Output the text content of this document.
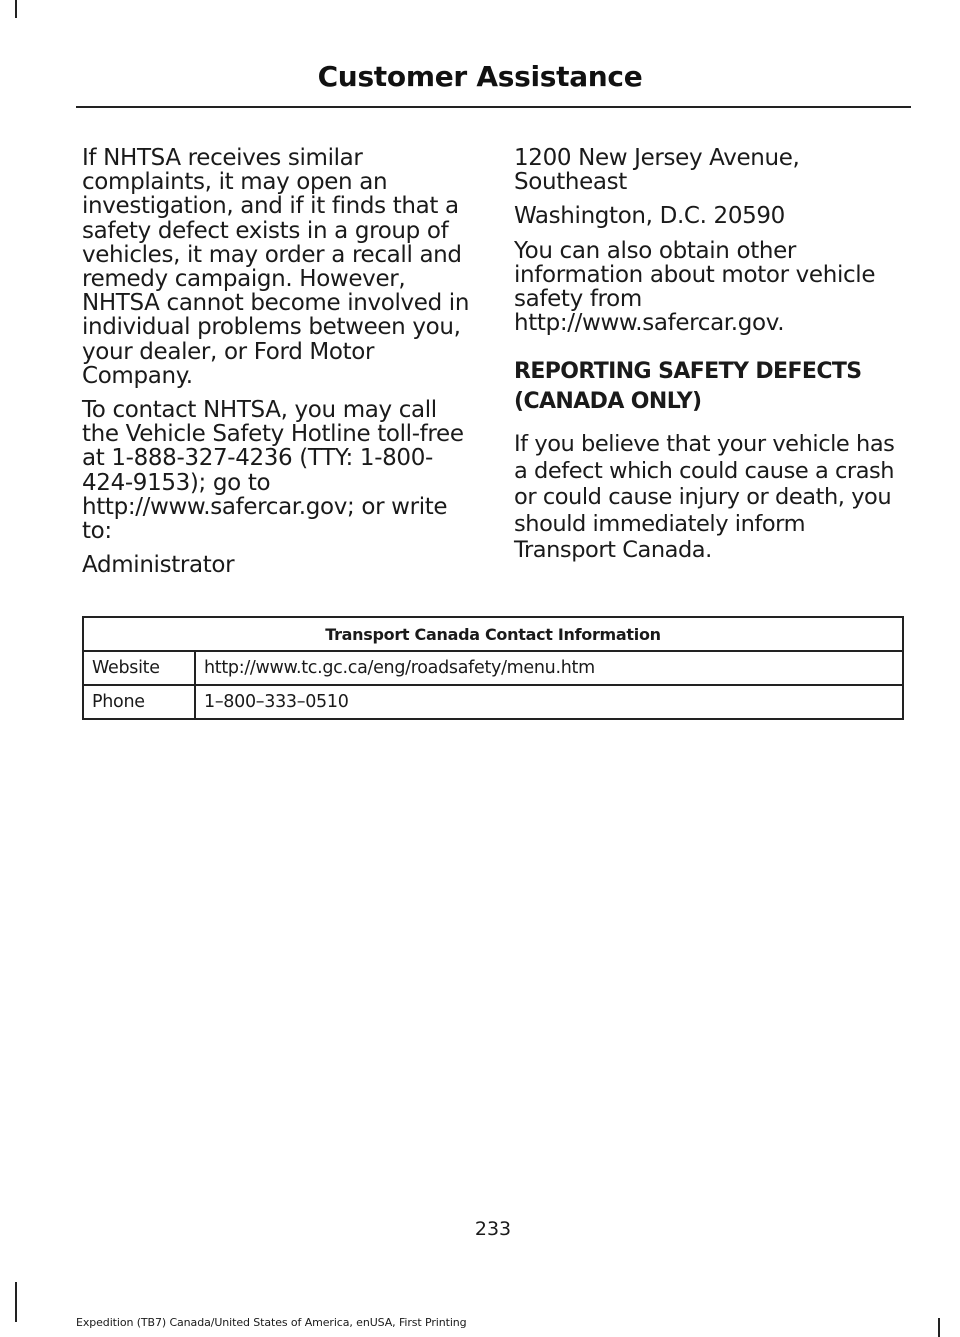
Customer Assistance

If NHTSA receives similar complaints, it may open an investigation, and if it finds that a safety defect exists in a group of vehicles, it may order a recall and remedy campaign. However, NHTSA cannot become involved in individual problems between you, your dealer, or Ford Motor Company.

To contact NHTSA, you may call the Vehicle Safety Hotline toll-free at 1-888-327-4236 (TTY: 1-800-424-9153); go to http://www.safercar.gov; or write to:

Administrator

1200 New Jersey Avenue, Southeast

Washington, D.C. 20590

You can also obtain other information about motor vehicle safety from http://www.safercar.gov.

REPORTING SAFETY DEFECTS
(CANADA ONLY)

If you believe that your vehicle has a defect which could cause a crash or could cause injury or death, you should immediately inform Transport Canada.

Transport Canada Contact Information	
Website	http://www.tc.gc.ca/eng/roadsafety/menu.htm
Phone	1–800–333–0510
233
Expedition (TB7) Canada/United States of America, enUSA, First Printing
